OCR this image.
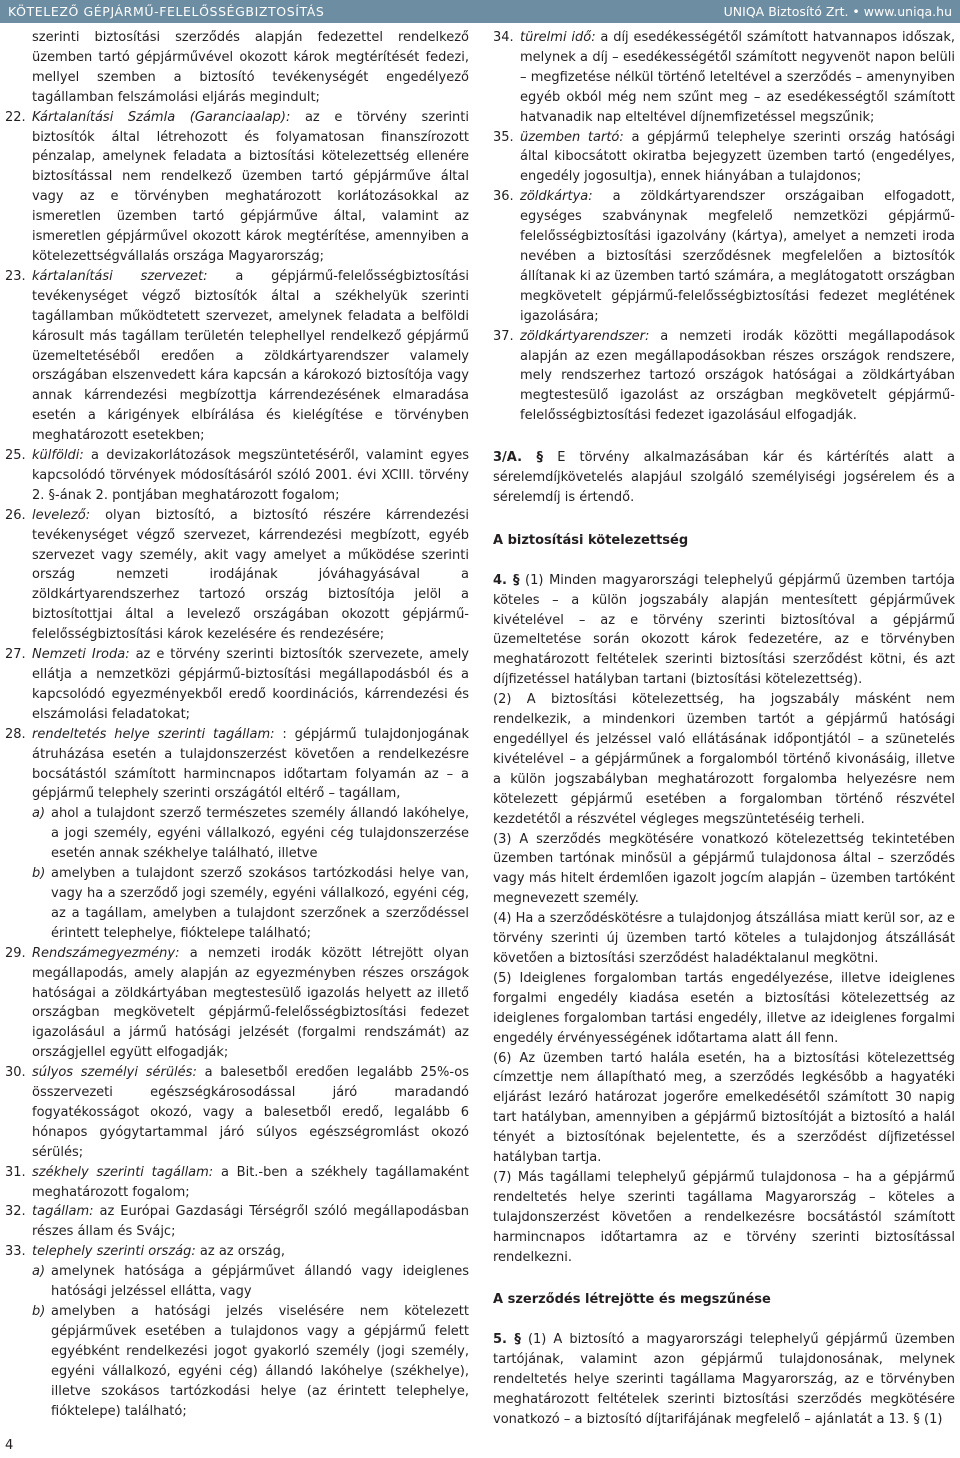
KÖTELEZŐ GÉPJÁRMŰ-FELELŐSSÉGBIZTOSÍTÁS	UNIQA Biztosító Zrt. • www.uniqa.hu
szerinti biztosítási szerződés alapján fedezettel rendelkező üzemben tartó gépjárművével okozott károk megtérítését fedezi, mellyel szemben a biztosító tevékenységét engedélyező tagállamban felszámolási eljárás megindult;
22. Kártalanítási Számla (Garanciaalap): az e törvény szerinti biztosítók által létrehozott és folyamatosan finanszírozott pénzalap, amelynek feladata a biztosítási kötelezettség ellenére biztosítással nem rendelkező üzemben tartó gépjárműve által vagy az e törvényben meghatározott korlátozásokkal az ismeretlen üzemben tartó gépjárműve által, valamint az ismeretlen gépjárművel okozott károk megtérítése, amennyiben a kötelezettségvállalás országa Magyarország;
23. kártalanítási szervezet: a gépjármű-felelősségbiztosítási tevékenységet végző biztosítók által a székhelyük szerinti tagállamban működtetett szervezet, amelynek feladata a belföldi károsult más tagállam területén telephellyel rendelkező gépjármű üzemeltetéséből eredően a zöldkártyarendszer valamely országában elszenvedett kára kapcsán a károkozó biztosítója vagy annak kárrendezési megbízottja kárrendezésének elmaradása esetén a kárigények elbírálása és kielégítése e törvényben meghatározott esetekben;
25. külföldi: a devizakorlátozások megszüntetéséről, valamint egyes kapcsolódó törvények módosításáról szóló 2001. évi XCIII. törvény 2. §-ának 2. pontjában meghatározott fogalom;
26. levelező: olyan biztosító, a biztosító részére kárrendezési tevékenységet végző szervezet, kárrendezési megbízott, egyéb szervezet vagy személy, akit vagy amelyet a működése szerinti ország nemzeti irodájának jóváhagyásával a zöldkártyarendszerhez tartozó ország biztosítója jelöl a biztosítottjai által a levelező országában okozott gépjármű-felelősségbiztosítási károk kezelésére és rendezésére;
27. Nemzeti Iroda: az e törvény szerinti biztosítók szervezete, amely ellátja a nemzetközi gépjármű-biztosítási megállapodásból és a kapcsolódó egyezményekből eredő koordinációs, kárrendezési és elszámolási feladatokat;
28. rendeltetés helye szerinti tagállam: : gépjármű tulajdonjogának átruházása esetén a tulajdonszerzést követően a rendelkezésre bocsátástól számított harmincnapos időtartam folyamán az – a gépjármű telephely szerinti országától eltérő – tagállam,
a) ahol a tulajdont szerző természetes személy állandó lakóhelye, a jogi személy, egyéni vállalkozó, egyéni cég tulajdonszerzése esetén annak székhelye található, illetve
b) amelyben a tulajdont szerző szokásos tartózkodási helye van, vagy ha a szerződő jogi személy, egyéni vállalkozó, egyéni cég, az a tagállam, amelyben a tulajdont szerzőnek a szerződéssel érintett telephelye, fióktelepe található;
29. Rendszámegyezmény: a nemzeti irodák között létrejött olyan megállapodás, amely alapján az egyezményben részes országok hatóságai a zöldkártyában megtestesülő igazolás helyett az illető országban megkövetelt gépjármű-felelősségbiztosítási fedezet igazolásául a jármű hatósági jelzését (forgalmi rendszámát) az országjellel együtt elfogadják;
30. súlyos személyi sérülés: a balesetből eredően legalább 25%-os összervezeti egészségkárosodással járó maradandó fogyatékosságot okozó, vagy a balesetből eredő, legalább 6 hónapos gyógytartammal járó súlyos egészségromlást okozó sérülés;
31. székhely szerinti tagállam: a Bit.-ben a székhely tagállamaként meghatározott fogalom;
32. tagállam: az Európai Gazdasági Térségről szóló megállapodásban részes állam és Svájc;
33. telephely szerinti ország: az az ország,
a) amelynek hatósága a gépjárművet állandó vagy ideiglenes hatósági jelzéssel ellátta, vagy
b) amelyben a hatósági jelzés viselésére nem kötelezett gépjárművek esetében a tulajdonos vagy a gépjármű felett egyébként rendelkezési jogot gyakorló személy (jogi személy, egyéni vállalkozó, egyéni cég) állandó lakóhelye (székhelye), illetve szokásos tartózkodási helye (az érintett telephelye, fióktelepe) található;
34. türelmi idő: a díj esedékességétől számított hatvannapos időszak, melynek a díj – esedékességétől számított negyvenöt napon belüli – megfizetése nélkül történő leteltével a szerződés – amenynyiben egyéb okból még nem szűnt meg – az esedékességtől számított hatvanadik nap elteltével díjnemfizetéssel megszűnik;
35. üzemben tartó: a gépjármű telephelye szerinti ország hatósági által kibocsátott okiratba bejegyzett üzemben tartó (engedélyes, engedély jogosultja), ennek hiányában a tulajdonos;
36. zöldkártya: a zöldkártyarendszer országaiban elfogadott, egységes szabványnak megfelelő nemzetközi gépjármű-felelősségbiztosítási igazolvány (kártya), amelyet a nemzeti iroda nevében a biztosítási szerződésnek megfelelően a biztosítók állítanak ki az üzemben tartó számára, a meglátogatott országban megkövetelt gépjármű-felelősségbiztosítási fedezet meglétének igazolására;
37. zöldkártyarendszer: a nemzeti irodák közötti megállapodások alapján az ezen megállapodásokban részes országok rendszere, mely rendszerhez tartozó országok hatóságai a zöldkártyában megtestesülő igazolást az országban megkövetelt gépjármű-felelősségbiztosítási fedezet igazolásául elfogadják.
3/A. § E törvény alkalmazásában kár és kártérítés alatt a sérelemdíjkövetelés alapjául szolgáló személyiségi jogsérelem és a sérelemdíj is értendő.
A biztosítási kötelezettség
4. § (1) Minden magyarországi telephelyű gépjármű üzemben tartója köteles – a külön jogszabály alapján mentesített gépjárművek kivételével – az e törvény szerinti biztosítóval a gépjármű üzemeltetése során okozott károk fedezetére, az e törvényben meghatározott feltételek szerinti biztosítási szerződést kötni, és azt díjfizetéssel hatályban tartani (biztosítási kötelezettség).
(2) A biztosítási kötelezettség, ha jogszabály másként nem rendelkezik, a mindenkori üzemben tartót a gépjármű hatósági engedéllyel és jelzéssel való ellátásának időpontjától – a szünetelés kivételével – a gépjárműnek a forgalomból történő kivonásáig, illetve a külön jogszabályban meghatározott forgalomba helyezésre nem kötelezett gépjármű esetében a forgalomban történő részvétel kezdetétől a részvétel végleges megszüntetéséig terheli.
(3) A szerződés megkötésére vonatkozó kötelezettség tekintetében üzemben tartónak minősül a gépjármű tulajdonosa által – szerződés vagy más hitelt érdemlően igazolt jogcím alapján – üzemben tartóként megnevezett személy.
(4) Ha a szerződéskötésre a tulajdonjog átszállása miatt kerül sor, az e törvény szerinti új üzemben tartó köteles a tulajdonjog átszállását követően a biztosítási szerződést haladéktalanul megkötni.
(5) Ideiglenes forgalomban tartás engedélyezése, illetve ideiglenes forgalmi engedély kiadása esetén a biztosítási kötelezettség az ideiglenes forgalomban tartási engedély, illetve az ideiglenes forgalmi engedély érvényességének időtartama alatt áll fenn.
(6) Az üzemben tartó halála esetén, ha a biztosítási kötelezettség címzettje nem állapítható meg, a szerződés legkésőbb a hagyatéki eljárást lezáró határozat jogerőre emelkedésétől számított 30 napig tart hatályban, amennyiben a gépjármű biztosítóját a biztosító a halál tényét a biztosítónak bejelentette, és a szerződést díjfizetéssel hatályban tartja.
(7) Más tagállami telephelyű gépjármű tulajdonosa – ha a gépjármű rendeltetés helye szerinti tagállama Magyarország – köteles a tulajdonszerzést követően a rendelkezésre bocsátástól számított harmincnapos időtartamra az e törvény szerinti biztosítással rendelkezni.
A szerződés létrejötte és megszűnése
5. § (1) A biztosító a magyarországi telephelyű gépjármű üzemben tartójának, valamint azon gépjármű tulajdonosának, melynek rendeltetés helye szerinti tagállama Magyarország, az e törvényben meghatározott feltételek szerinti biztosítási szerződés megkötésére vonatkozó – a biztosító díjtarifájának megfelelő – ajánlatát a 13. § (1)
4
